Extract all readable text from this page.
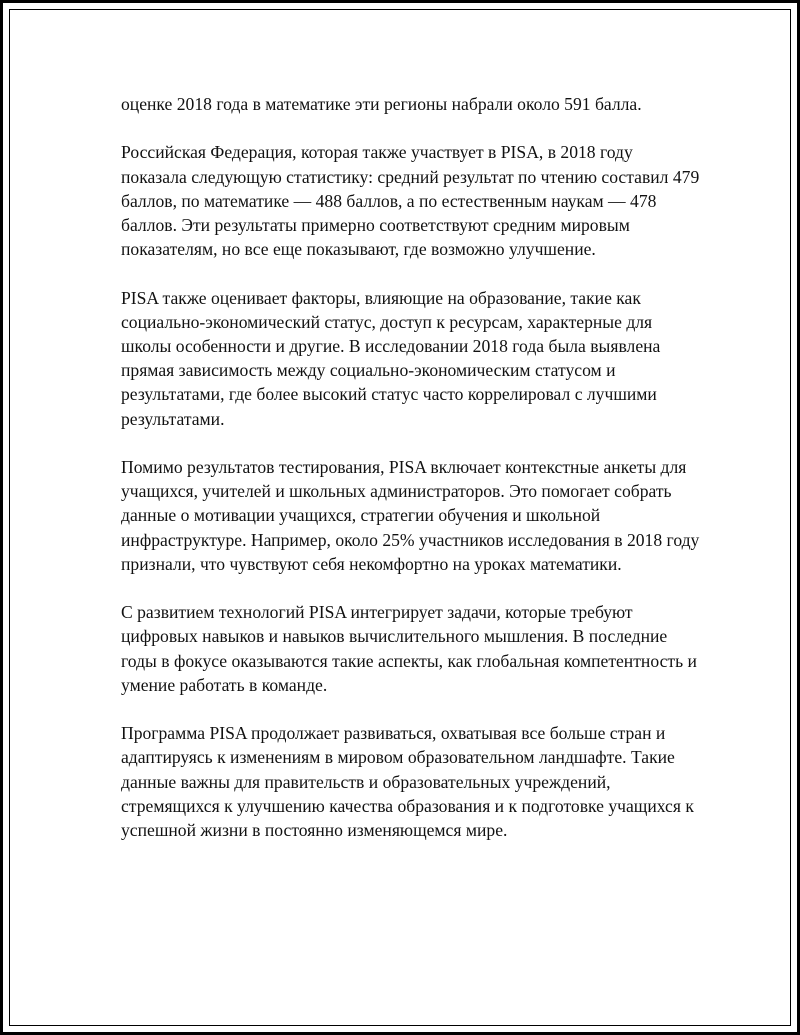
оценке 2018 года в математике эти регионы набрали около 591 балла.

Российская Федерация, которая также участвует в PISA, в 2018 году показала следующую статистику: средний результат по чтению составил 479 баллов, по математике — 488 баллов, а по естественным наукам — 478 баллов. Эти результаты примерно соответствуют средним мировым показателям, но все еще показывают, где возможно улучшение.

PISA также оценивает факторы, влияющие на образование, такие как социально-экономический статус, доступ к ресурсам, характерные для школы особенности и другие. В исследовании 2018 года была выявлена прямая зависимость между социально-экономическим статусом и результатами, где более высокий статус часто коррелировал с лучшими результатами.

Помимо результатов тестирования, PISA включает контекстные анкеты для учащихся, учителей и школьных администраторов. Это помогает собрать данные о мотивации учащихся, стратегии обучения и школьной инфраструктуре. Например, около 25% участников исследования в 2018 году признали, что чувствуют себя некомфортно на уроках математики.

С развитием технологий PISA интегрирует задачи, которые требуют цифровых навыков и навыков вычислительного мышления. В последние годы в фокусе оказываются такие аспекты, как глобальная компетентность и умение работать в команде.

Программа PISA продолжает развиваться, охватывая все больше стран и адаптируясь к изменениям в мировом образовательном ландшафте. Такие данные важны для правительств и образовательных учреждений, стремящихся к улучшению качества образования и к подготовке учащихся к успешной жизни в постоянно изменяющемся мире.
